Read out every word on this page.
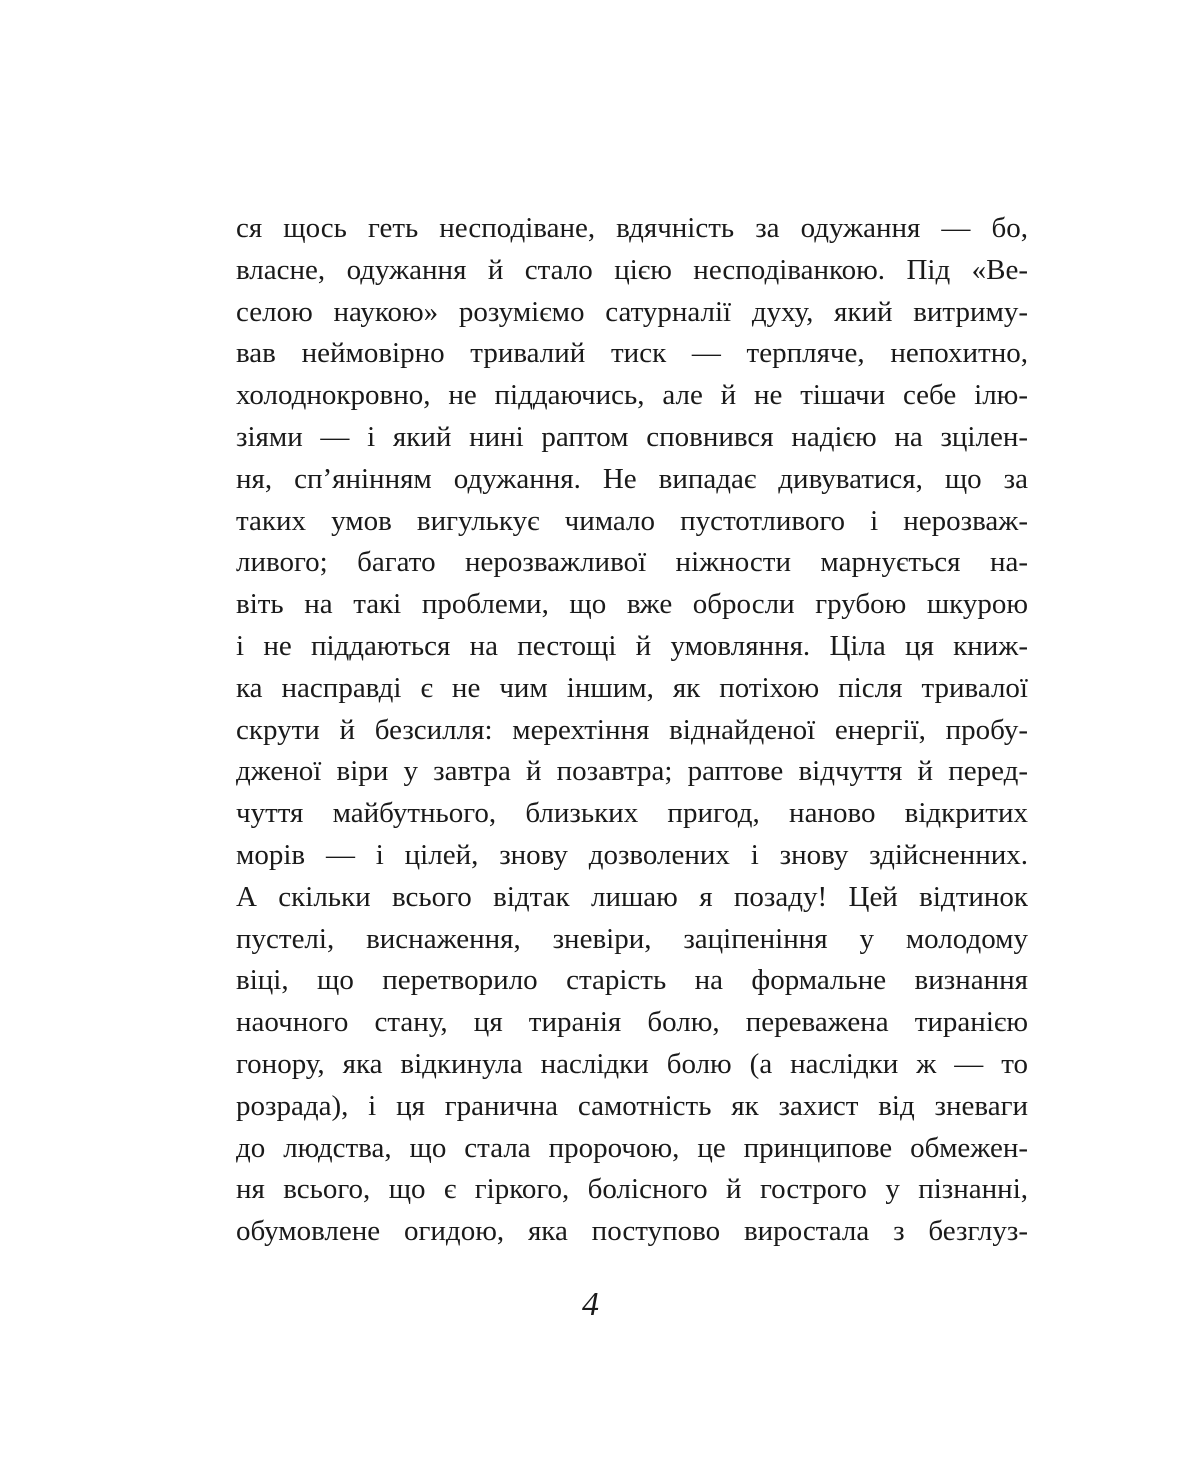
ся щось геть несподіване, вдячність за одужання — бо,
власне, одужання й стало цією несподіванкою. Під «Ве-
селою наукою» розуміємо сатурналії духу, який витриму-
вав неймовірно тривалий тиск — терпляче, непохитно,
холоднокровно, не піддаючись, але й не тішачи себе ілю-
зіями — і який нині раптом сповнився надією на зцілен-
ня, сп’янінням одужання. Не випадає дивуватися, що за
таких умов вигулькує чимало пустотливого і нерозваж-
ливого; багато нерозважливої ніжности марнується на-
віть на такі проблеми, що вже обросли грубою шкурою
і не піддаються на пестощі й умовляння. Ціла ця книж-
ка насправді є не чим іншим, як потіхою після тривалої
скрути й безсилля: мерехтіння віднайденої енергії, пробу-
дженої віри у завтра й позавтра; раптове відчуття й перед-
чуття майбутнього, близьких пригод, наново відкритих
морів — і цілей, знову дозволених і знову здійсненних.
А скільки всього відтак лишаю я позаду! Цей відтинок
пустелі, виснаження, зневіри, заціпеніння у молодому
віці, що перетворило старість на формальне визнання
наочного стану, ця тиранія болю, переважена тиранією
гонору, яка відкинула наслідки болю (а наслідки ж — то
розрада), і ця гранична самотність як захист від зневаги
до людства, що стала пророчою, це принципове обмежен-
ня всього, що є гіркого, болісного й гострого у пізнанні,
обумовлене огидою, яка поступово виростала з безглуз-
4
